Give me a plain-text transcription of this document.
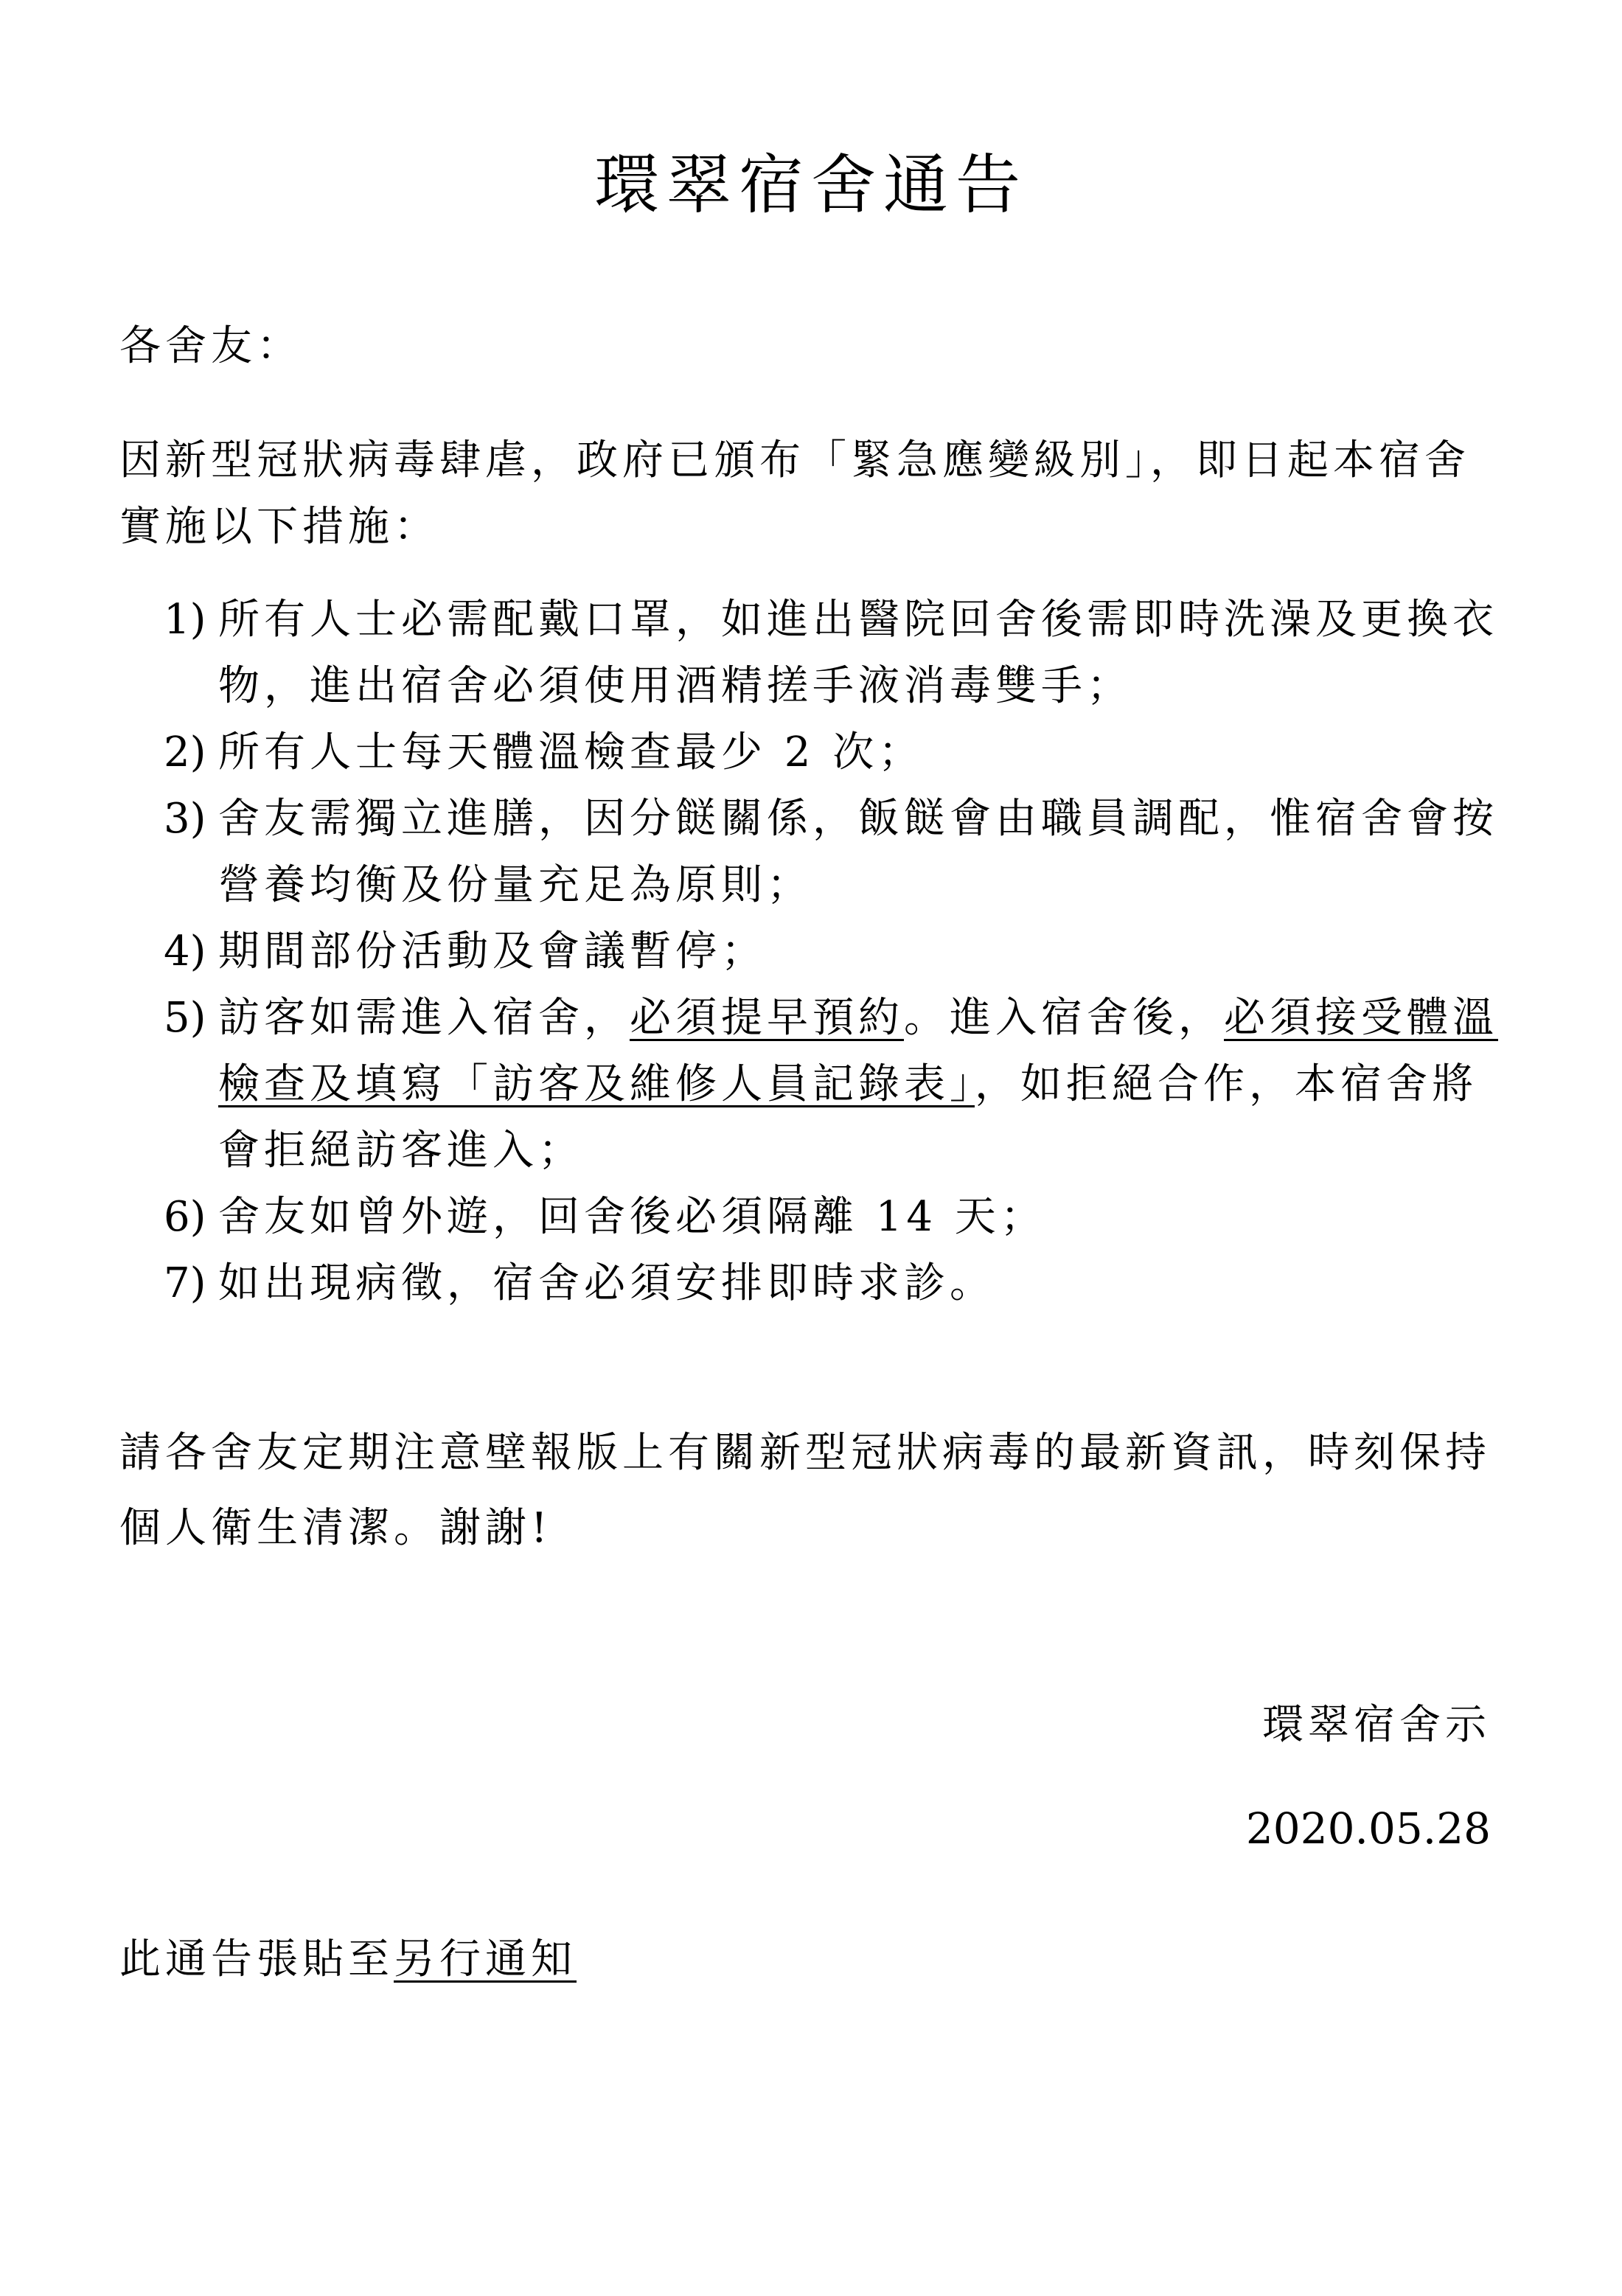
環翠宿舍通告
各舍友：
因新型冠狀病毒肆虐，政府已頒布「緊急應變級別」，即日起本宿舍實施以下措施：
1) 所有人士必需配戴口罩，如進出醫院回舍後需即時洗澡及更換衣物，進出宿舍必須使用酒精搓手液消毒雙手；
2) 所有人士每天體溫檢查最少 2 次；
3) 舍友需獨立進膳，因分餸關係，飯餸會由職員調配，惟宿舍會按營養均衡及份量充足為原則；
4) 期間部份活動及會議暫停；
5) 訪客如需進入宿舍，必須提早預約。進入宿舍後，必須接受體溫檢查及填寫「訪客及維修人員記錄表」，如拒絕合作，本宿舍將會拒絕訪客進入；
6) 舍友如曾外遊，回舍後必須隔離 14 天；
7) 如出現病徵，宿舍必須安排即時求診。
請各舍友定期注意壁報版上有關新型冠狀病毒的最新資訊，時刻保持個人衛生清潔。謝謝!
環翠宿舍示
2020.05.28
此通告張貼至另行通知
